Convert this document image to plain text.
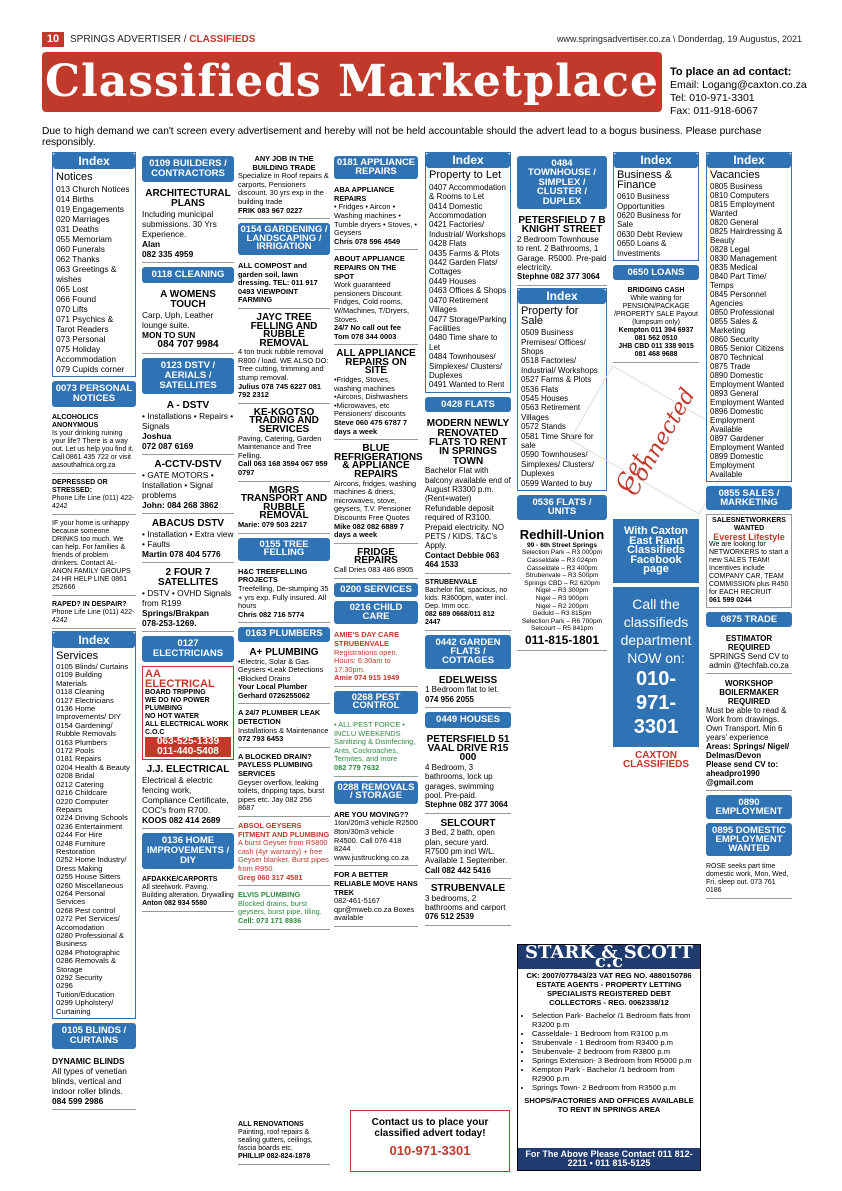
10	SPRINGS ADVERTISER / CLASSIFIEDS	www.springsadvertiser.co.za \ Donderdag, 19 Augustus, 2021
Classifieds Marketplace To place an ad contact:
Email: Logang@caxton.co.za
Tel: 010-971-3301
Fax: 011-918-6067
Due to high demand we can't screen every advertisement and hereby will not be held accountable should the advert lead to a bogus business. Please purchase responsibly.
Index
Notices
013 Church Notices
014 Births
019 Engagements
020 Marriages
031 Deaths
055 Memoriam
060 Funerals
062 Thanks
063 Greetings & wishes
065 Lost
066 Found
070 Lifts
071 Psychics & Tarot Readers
073 Personal
075 Holiday Accommodation
079 Cupids corner
0073 PERSONAL NOTICES
ALCOHOLICS ANONYMOUS
Is your drinking ruining your life? There is a way out. Let us help you find it. Call 0861 435 722 or visit aasouthafrica.org.za
DEPRESSED OR STRESSED:
Phone Life Line (011) 422-4242
IF your home is unhappy because someone DRINKS too much. We can help. For families & friends of problem drinkers. Contact AL-ANON FAMILY GROUPS 24 HR HELP LINE 0861 252666
RAPED? IN DESPAIR?
Phone Life Line (011) 422-4242
Index
Services
0105 Blinds/ Curtains
0109 Building Materials
0118 Cleaning
0127 Electricians
0136 Home Improvements/ DIY
0154 Gardening/ Rubble Removals
0163 Plumbers
0172 Pools
0181 Repairs
0204 Health & Beauty
0208 Bridal
0212 Catering
0216 Childcare
0220 Computer Repairs
0224 Driving Schools
0236 Entertainment
0244 For Hire
0248 Furniture Restoration
0252 Home Industry/ Dress Making
0255 House Sitters
0260 Miscellaneous
0264 Personal Services
0268 Pest control
0272 Pet Services/ Accomodation
0280 Professional & Business
0284 Photographic
0286 Removals & Storage
0292 Security
0296 Tuition/Education
0299 Upholstery/ Curtaining
0105 BLINDS / CURTAINS
DYNAMIC BLINDS
All types of venetian blinds, vertical and indoor roller blinds.
084 599 2986
0109 BUILDERS / CONTRACTORS
ARCHITECTURAL PLANS
Including municipal submissions. 30 Yrs Experience.
Alan
082 335 4959
0118 CLEANING
A WOMENS TOUCH
Carp, Uph, Leather lounge suite.
MON TO SUN
084 707 9984
0123 DSTV / AERIALS / SATELLITES
A - DSTV
• Installations • Repairs • Signals
Joshua
072 087 6169
A-CCTV-DSTV
• GATE MOTORS • Installation • Signal problems
John: 084 268 3862
ABACUS DSTV
• Installation • Extra view • Faults
Martin 078 404 5776
2 FOUR 7 SATELLITES
• DSTV • OVHD Signals from R199
Springs/Brakpan
078-253-1269.
0127 ELECTRICIANS
AA ELECTRICAL
BOARD TRIPPING
WE DO NO POWER
PLUMBING
NO HOT WATER
ALL ELECTRICAL WORK
C.O.C
063-525-1339
011-440-5408
J.J. ELECTRICAL
Electrical & electric fencing work, Compliance Certificate, COC's from R700.
KOOS 082 414 2689
0136 HOME IMPROVEMENTS / DIY
AFDAKKE/CARPORTS
All steelwork. Paving. Building alteration. Drywalling
Anton 082 934 5580
ANY JOB IN THE BUILDING TRADE
Specialize in Roof repairs & carports, Pensioners discount. 30 yrs exp in the building trade
FRIK 083 967 0227
0154 GARDENING / LANDSCAPING / IRRIGATION
ALL COMPOST and garden soil, lawn dressing. TEL: 011 917 0493 VIEWPOINT FARMING
JAYC TREE FELLING AND RUBBLE REMOVAL
4 ton truck rubble removal R800 / load. WE ALSO DO: Tree cutting, trimming and stump removal.
Julius 078 745 6227 081 792 2312
KE-KGOTSO TRADING AND SERVICES
Paving, Catering, Garden Maintenance and Tree Felling.
Call 063 168 3594 067 959 0797
MGRS TRANSPORT AND RUBBLE REMOVAL
Marie: 079 503 2217
0155 TREE FELLING
H&C TREEFELLING PROJECTS
Treefelling, De-stumping 35 + yrs exp. Fully insured. All hours
Chris 082 716 5774
0163 PLUMBERS
A+ PLUMBING
•Electric, Solar & Gas Geysers •Leak Detections •Blocked Drains
Your Local Plumber
Gerhard 0726255062
A 24/7 PLUMBER LEAK DETECTION
Installations & Maintenance
072 793 6453
A BLOCKED DRAIN? PAYLESS PLUMBING SERVICES
Geyser overflow, leaking toilets, dripping taps, burst pipes etc. Jay 082 256 8687
ABSOL GEYSERS FITMENT AND PLUMBING
A burst Geyser from R5800 cash (4yr warranty) + free Geyser blanket. Burst pipes from R950.
Greg 060 317 4581
ELVIS PLUMBING
Blocked drains, burst geysers, burst pipe, tiling.
Cell: 073 171 8936
ALL RENOVATIONS
Painting, roof repairs & sealing gutters, ceilings, fascia boards etc.
PHILLIP 082-824-1878
0181 APPLIANCE REPAIRS
ABA APPLIANCE REPAIRS
• Fridges • Aircon • Washing machines • Tumble dryers • Stoves, • Geysers
Chris 078 596 4549
ABOUT APPLIANCE REPAIRS ON THE SPOT
Work guaranteed pensioners Discount. Fridges, Cold rooms, W/Machines, T/Dryers, Stoves.
24/7 No call out fee Tom 078 344 0003
ALL APPLIANCE REPAIRS ON SITE
•Fridges, Stoves, washing machines •Aircons, Dishwashers •Microwaves, etc Pensioners' discounts
Steve 060 475 6787 7 days a week
BLUE REFRIGERATIONS & APPLIANCE REPAIRS
Aircons, fridges, washing machines & driers, microwaves, stove, geysers, T.V. Pensioner Discounts Free Quotes
Mike 082 082 6889 7 days a week
FRIDGE REPAIRS
Call Dries 083 486 8905
0200 SERVICES
0216 CHILD CARE
AMIE'S DAY CARE STRUBENVALE
Registrations open. Hours: 6:30am to 17:30pm.
Amie 074 915 1949
0268 PEST CONTROL
• ALL PEST FORCE • INCLU WEEKENDS Sanitizing & Disinfecting, Ants, Cockroaches, Termites, and more
082 779 7632
0288 REMOVALS / STORAGE
ARE YOU MOVING??
1ton/20m3 vehicle R2500 8ton/30m3 vehicle R4500. Call 076 418 8244 www.justtrucking.co.za
FOR A BETTER RELIABLE MOVE HANS TREK
082-461-5167 qpr@mweb.co.za Boxes available
Contact us to place your classified advert today!
010-971-3301
Index
Property to Let
0407 Accommodation & Rooms to Let
0414 Domestic Accommodation
0421 Factories/ Industrial/ Workshops
0428 Flats
0435 Farms & Plots
0442 Garden Flats/ Cottages
0449 Houses
0463 Offices & Shops
0470 Retirement Villages
0477 Storage/Parking Facilities
0480 Time share to Let
0484 Townhouses/ Simplexes/ Clusters/ Duplexes
0491 Wanted to Rent
0428 FLATS
MODERN NEWLY RENOVATED FLATS TO RENT IN SPRINGS TOWN
Bachelor Flat with balcony available end of August R3300 p.m. (Rent+water) Refundable deposit required of R3100. Prepaid electricity. NO PETS / KIDS. T&C's Apply.
Contact Debbie 063 464 1533
STRUBENVALE
Bachelor flat, spacious, no kids. R3600pm, water incl. Dep. Imm occ.
082 689 0668/011 812 2447
0442 GARDEN FLATS / COTTAGES
EDELWEISS
1 Bedroom flat to let.
074 956 2055
0449 HOUSES
PETERSFIELD 51 VAAL DRIVE R15 000
4 Bedroom, 3 bathrooms, lock up garages, swimming pool. Pre-paid.
Stephne 082 377 3064
SELCOURT
3 Bed, 2 bath, open plan, secure yard. R7500 pm incl W/L. Available 1 September.
Call 082 442 5416
STRUBENVALE
3 bedrooms, 2 bathrooms and carport
076 512 2539
0484 TOWNHOUSE / SIMPLEX / CLUSTER / DUPLEX
PETERSFIELD 7 B KNIGHT STREET
2 Bedroom Townhouse to rent. 2 Bathrooms, 1 Garage. R5000. Pre-paid electricity.
Stephne 082 377 3064
Index
Property for Sale
0509 Business Premises/ Offices/ Shops
0518 Factories/ Industrial/ Workshops
0527 Farms & Plots
0536 Flats
0545 Houses
0563 Retirement Villages
0572 Stands
0581 Time Share for sale
0590 Townhouses/ Simplexes/ Clusters/ Duplexes
0599 Wanted to buy
0536 FLATS / UNITS
Redhill-Union
99 - 6th Street Springs
Selection Park – R3 000pm
Casseldale – R3 024pm
Casseldale – R3 400pm
Strubenvale – R3 500pm
Springs CBD – R2 620pm
Nigel – R3 300pm
Nigel – R3 900pm
Nigel – R2 200pm
Geduld – R3 815pm
Selection Park – R6 700pm
Selcourt – R5 841pm
011-815-1801
Index
Business & Finance
0610 Business Opportunities
0620 Business for Sale
0630 Debt Review
0650 Loans & Investments
0650 LOANS
BRIDGING CASH
While waiting for PENSION/PACKAGE /PROPERTY SALE Payout (lumpsum only)
Kempton 011 394 6937 081 562 0510
JHB CBD 011 338 9015 081 468 9688
Get Connected
With Caxton East Rand Classifieds Facebook page
Call the classifieds department NOW on:
010-971-3301
CAXTON CLASSIFIEDS
Index
Vacancies
0805 Business
0810 Computers
0815 Employment Wanted
0820 General
0825 Hairdressing & Beauty
0828 Legal
0830 Management
0835 Medical
0840 Part Time/ Temps
0845 Personnel Agencies
0850 Professional
0855 Sales & Marketing
0860 Security
0865 Senior Citizens
0870 Technical
0875 Trade
0890 Domestic Employment Wanted
0893 General Employment Wanted
0896 Domestic Employment Available
0897 Gardener Employment Wanted
0899 Domestic Employment Available
0855 SALES / MARKETING
SALESNETWORKERS WANTED
Everest Lifestyle
We are looking for NETWORKERS to start a new SALES TEAM! Incentives include COMPANY CAR, TEAM COMMISSION plus R450 for EACH RECRUIT
061 599 0244
0875 TRADE
ESTIMATOR REQUIRED
SPRINGS Send CV to admin @techfab.co.za
WORKSHOP BOILERMAKER REQUIRED
Must be able to read & Work from drawings. Own Transport. Min 6 years' experience
Areas: Springs/ Nigel/ Delmas/Devon
Please send CV to: aheadpro1990 @gmail.com
0890 EMPLOYMENT
0895 DOMESTIC EMPLOYMENT WANTED
ROSE seeks part time domestic work, Mon, Wed, Fri, sleep out. 073 761 0186
STARK & SCOTT c.c
CK: 2007/077843/23 VAT REG NO. 4880150786 ESTATE AGENTS - PROPERTY LETTING SPECIALISTS REGISTERED DEBT COLLECTORS - REG. 0062338/12
• Selection Park- Bachelor /1 Bedroom flats from R3200 p.m
• Casseldale- 1 Bedroom from R3100 p.m
• Strubenvale - 1 Bedroom from R3400 p.m
• Strubenvale- 2 bedroom from R3800 p.m
• Springs Extension- 3 Bedroom from R5000 p.m
• Kempton Park - Bachelor /1 bedroom from R2900 p.m
• Springs Town- 2 Bedroom from R3500 p.m
SHOPS/FACTORIES AND OFFICES AVAILABLE TO RENT IN SPRINGS AREA
For The Above Please Contact 011 812-2211 • 011 815-5125
